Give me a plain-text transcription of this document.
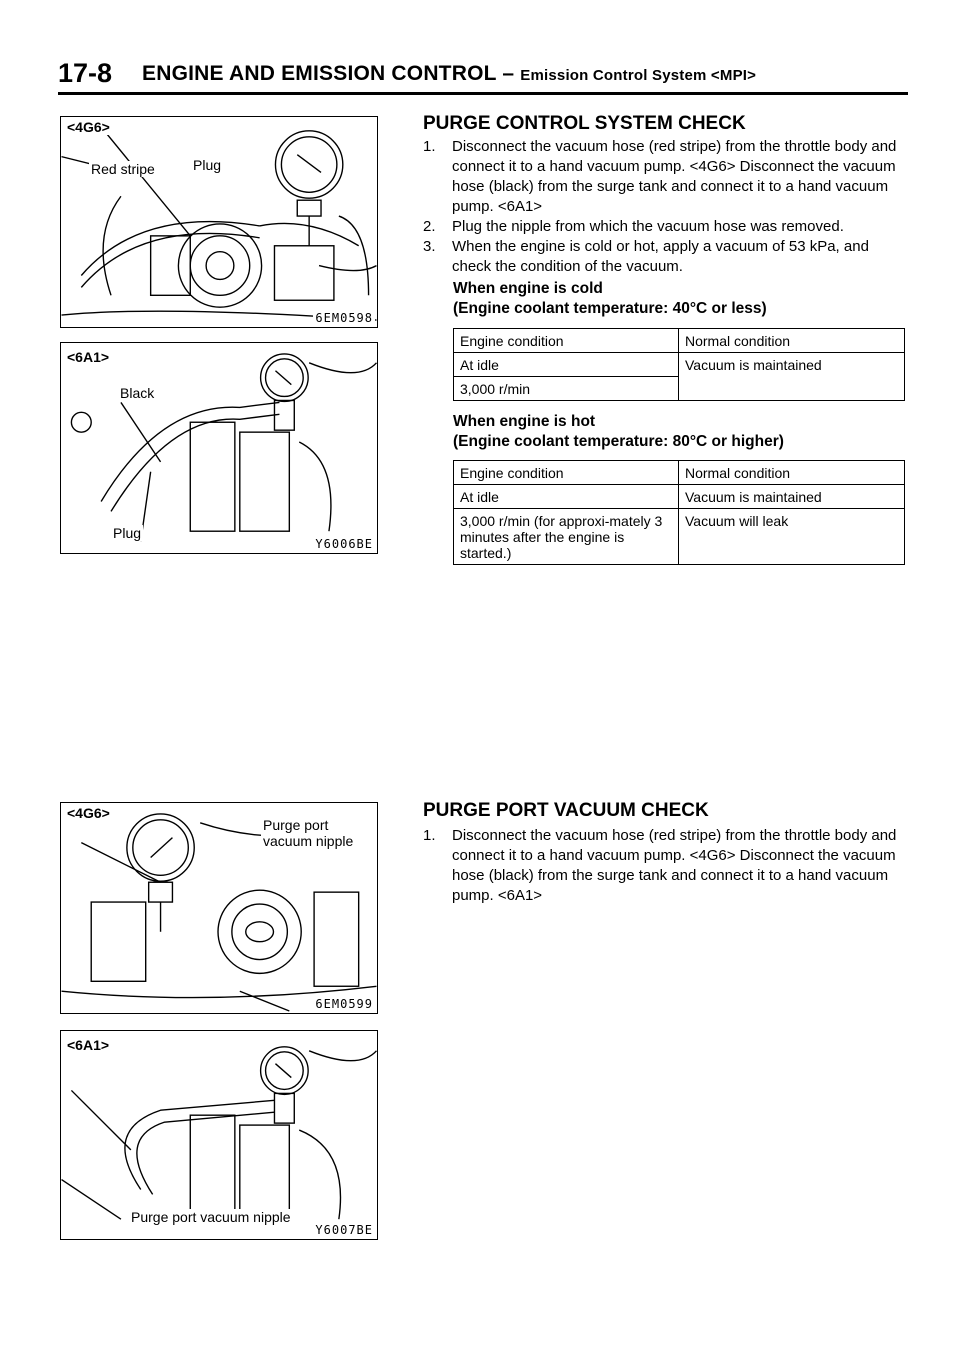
17-8 ENGINE AND EMISSION CONTROL – Emission Control System <MPI>
<4G6>
Red stripe	Plug
6EM0598
<6A1>
Black
Plug
Y6006BE
<4G6>
Purge port vacuum nipple
6EM0599
<6A1>
Purge port vacuum nipple
Y6007BE
PURGE CONTROL SYSTEM CHECK
1. Disconnect the vacuum hose (red stripe) from the throttle body and connect it to a hand vacuum pump. <4G6> Disconnect the vacuum hose (black) from the surge tank and connect it to a hand vacuum pump. <6A1>
2. Plug the nipple from which the vacuum hose was removed.
3. When the engine is cold or hot, apply a vacuum of 53 kPa, and check the condition of the vacuum.
When engine is cold
(Engine coolant temperature: 40°C or less)
Engine condition	Normal condition
At idle	Vacuum is maintained
3,000 r/min	
When engine is hot
(Engine coolant temperature: 80°C or higher)
Engine condition	Normal condition
At idle	Vacuum is maintained
3,000 r/min (for approxi-mately 3 minutes after the engine is started.)	Vacuum will leak
PURGE PORT VACUUM CHECK
1. Disconnect the vacuum hose (red stripe) from the throttle body and connect it to a hand vacuum pump. <4G6> Disconnect the vacuum hose (black) from the surge tank and connect it to a hand vacuum pump. <6A1>
